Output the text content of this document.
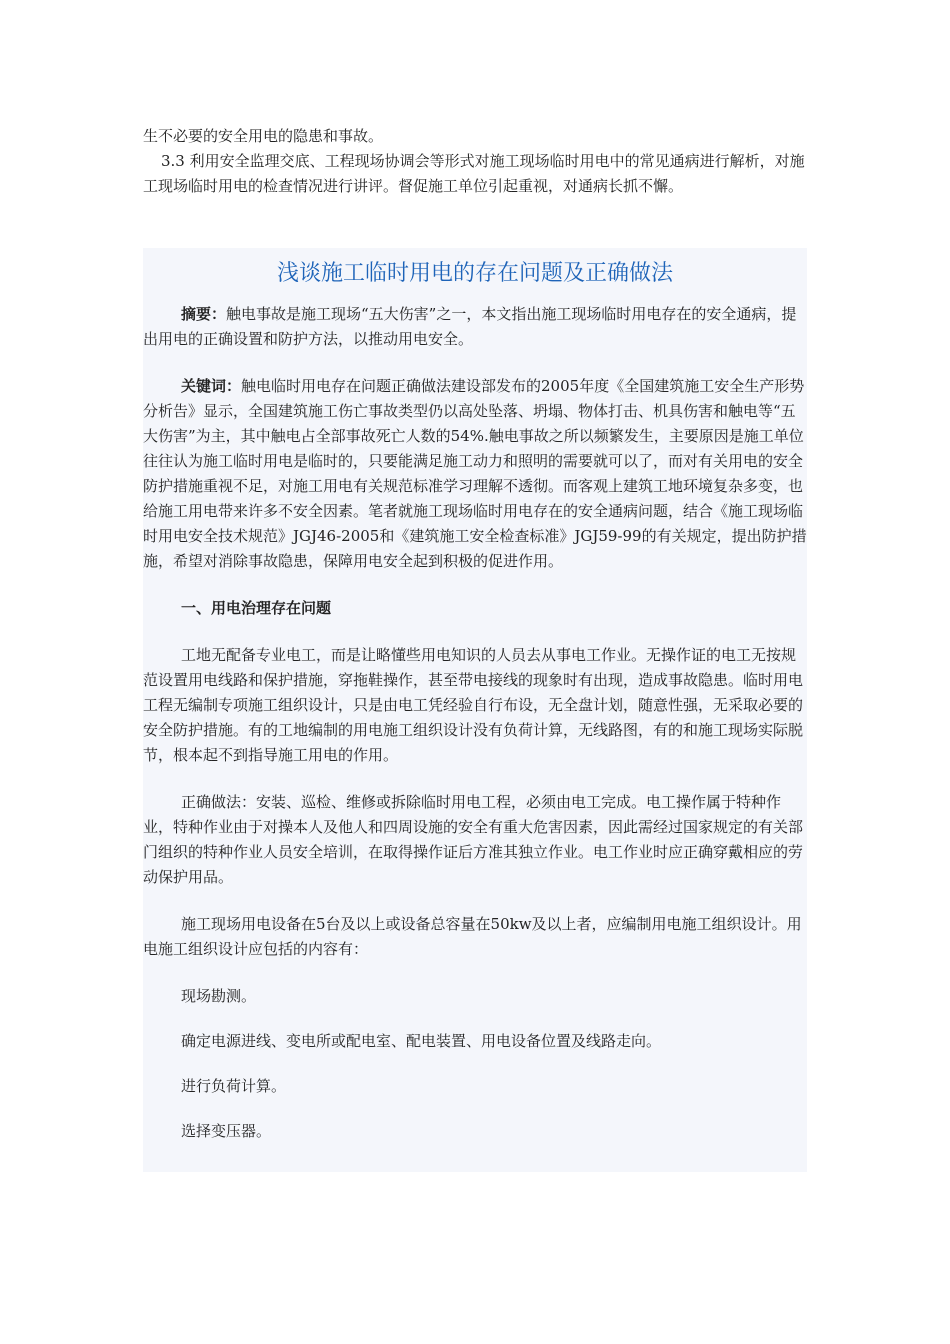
生不必要的安全用电的隐患和事故。

3.3 利用安全监理交底、工程现场协调会等形式对施工现场临时用电中的常见通病进行解析，对施工现场临时用电的检查情况进行讲评。督促施工单位引起重视，对通病长抓不懈。

浅谈施工临时用电的存在问题及正确做法

摘要：触电事故是施工现场“五大伤害”之一，本文指出施工现场临时用电存在的安全通病，提出用电的正确设置和防护方法，以推动用电安全。

关键词：触电临时用电存在问题正确做法建设部发布的2005年度《全国建筑施工安全生产形势分析告》显示，全国建筑施工伤亡事故类型仍以高处坠落、坍塌、物体打击、机具伤害和触电等“五大伤害”为主，其中触电占全部事故死亡人数的54%.触电事故之所以频繁发生，主要原因是施工单位往往认为施工临时用电是临时的，只要能满足施工动力和照明的需要就可以了，而对有关用电的安全防护措施重视不足，对施工用电有关规范标准学习理解不透彻。而客观上建筑工地环境复杂多变，也给施工用电带来许多不安全因素。笔者就施工现场临时用电存在的安全通病问题，结合《施工现场临时用电安全技术规范》JGJ46-2005和《建筑施工安全检查标准》JGJ59-99的有关规定，提出防护措施，希望对消除事故隐患，保障用电安全起到积极的促进作用。

一、用电治理存在问题

工地无配备专业电工，而是让略懂些用电知识的人员去从事电工作业。无操作证的电工无按规范设置用电线路和保护措施，穿拖鞋操作，甚至带电接线的现象时有出现，造成事故隐患。临时用电工程无编制专项施工组织设计，只是由电工凭经验自行布设，无全盘计划，随意性强，无采取必要的安全防护措施。有的工地编制的用电施工组织设计没有负荷计算，无线路图，有的和施工现场实际脱节，根本起不到指导施工用电的作用。

正确做法：安装、巡检、维修或拆除临时用电工程，必须由电工完成。电工操作属于特种作业，特种作业由于对操本人及他人和四周设施的安全有重大危害因素，因此需经过国家规定的有关部门组织的特种作业人员安全培训，在取得操作证后方准其独立作业。电工作业时应正确穿戴相应的劳动保护用品。

施工现场用电设备在5台及以上或设备总容量在50kw及以上者，应编制用电施工组织设计。用电施工组织设计应包括的内容有：

现场勘测。

确定电源进线、变电所或配电室、配电装置、用电设备位置及线路走向。

进行负荷计算。

选择变压器。
